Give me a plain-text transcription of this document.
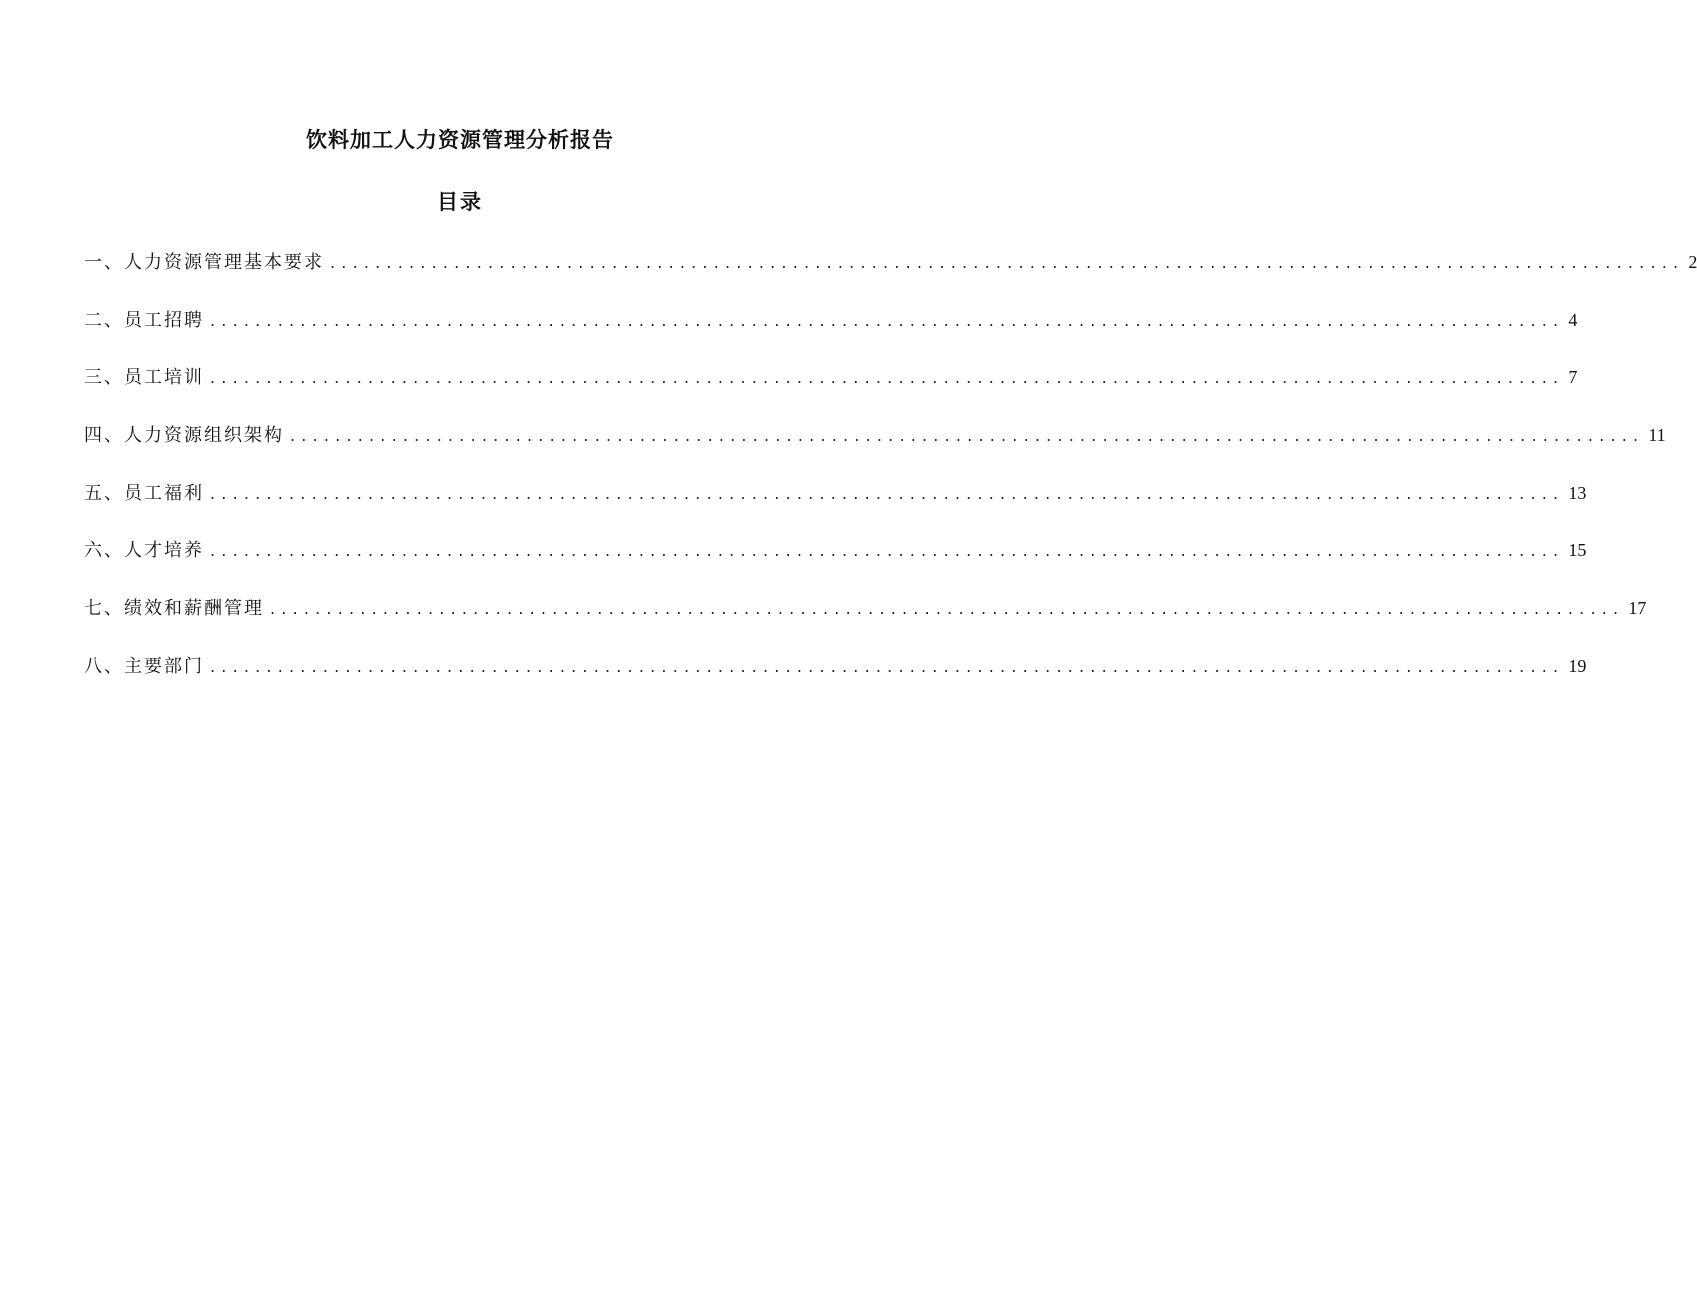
饮料加工人力资源管理分析报告
目录
一、人力资源管理基本要求 ........................................................................................................................ 2
二、员工招聘 ........................................................................................................................ 4
三、员工培训 ........................................................................................................................ 7
四、人力资源组织架构 ........................................................................................................................ 11
五、员工福利 ........................................................................................................................ 13
六、人才培养 ........................................................................................................................ 15
七、绩效和薪酬管理 ........................................................................................................................ 17
八、主要部门 ........................................................................................................................ 19
